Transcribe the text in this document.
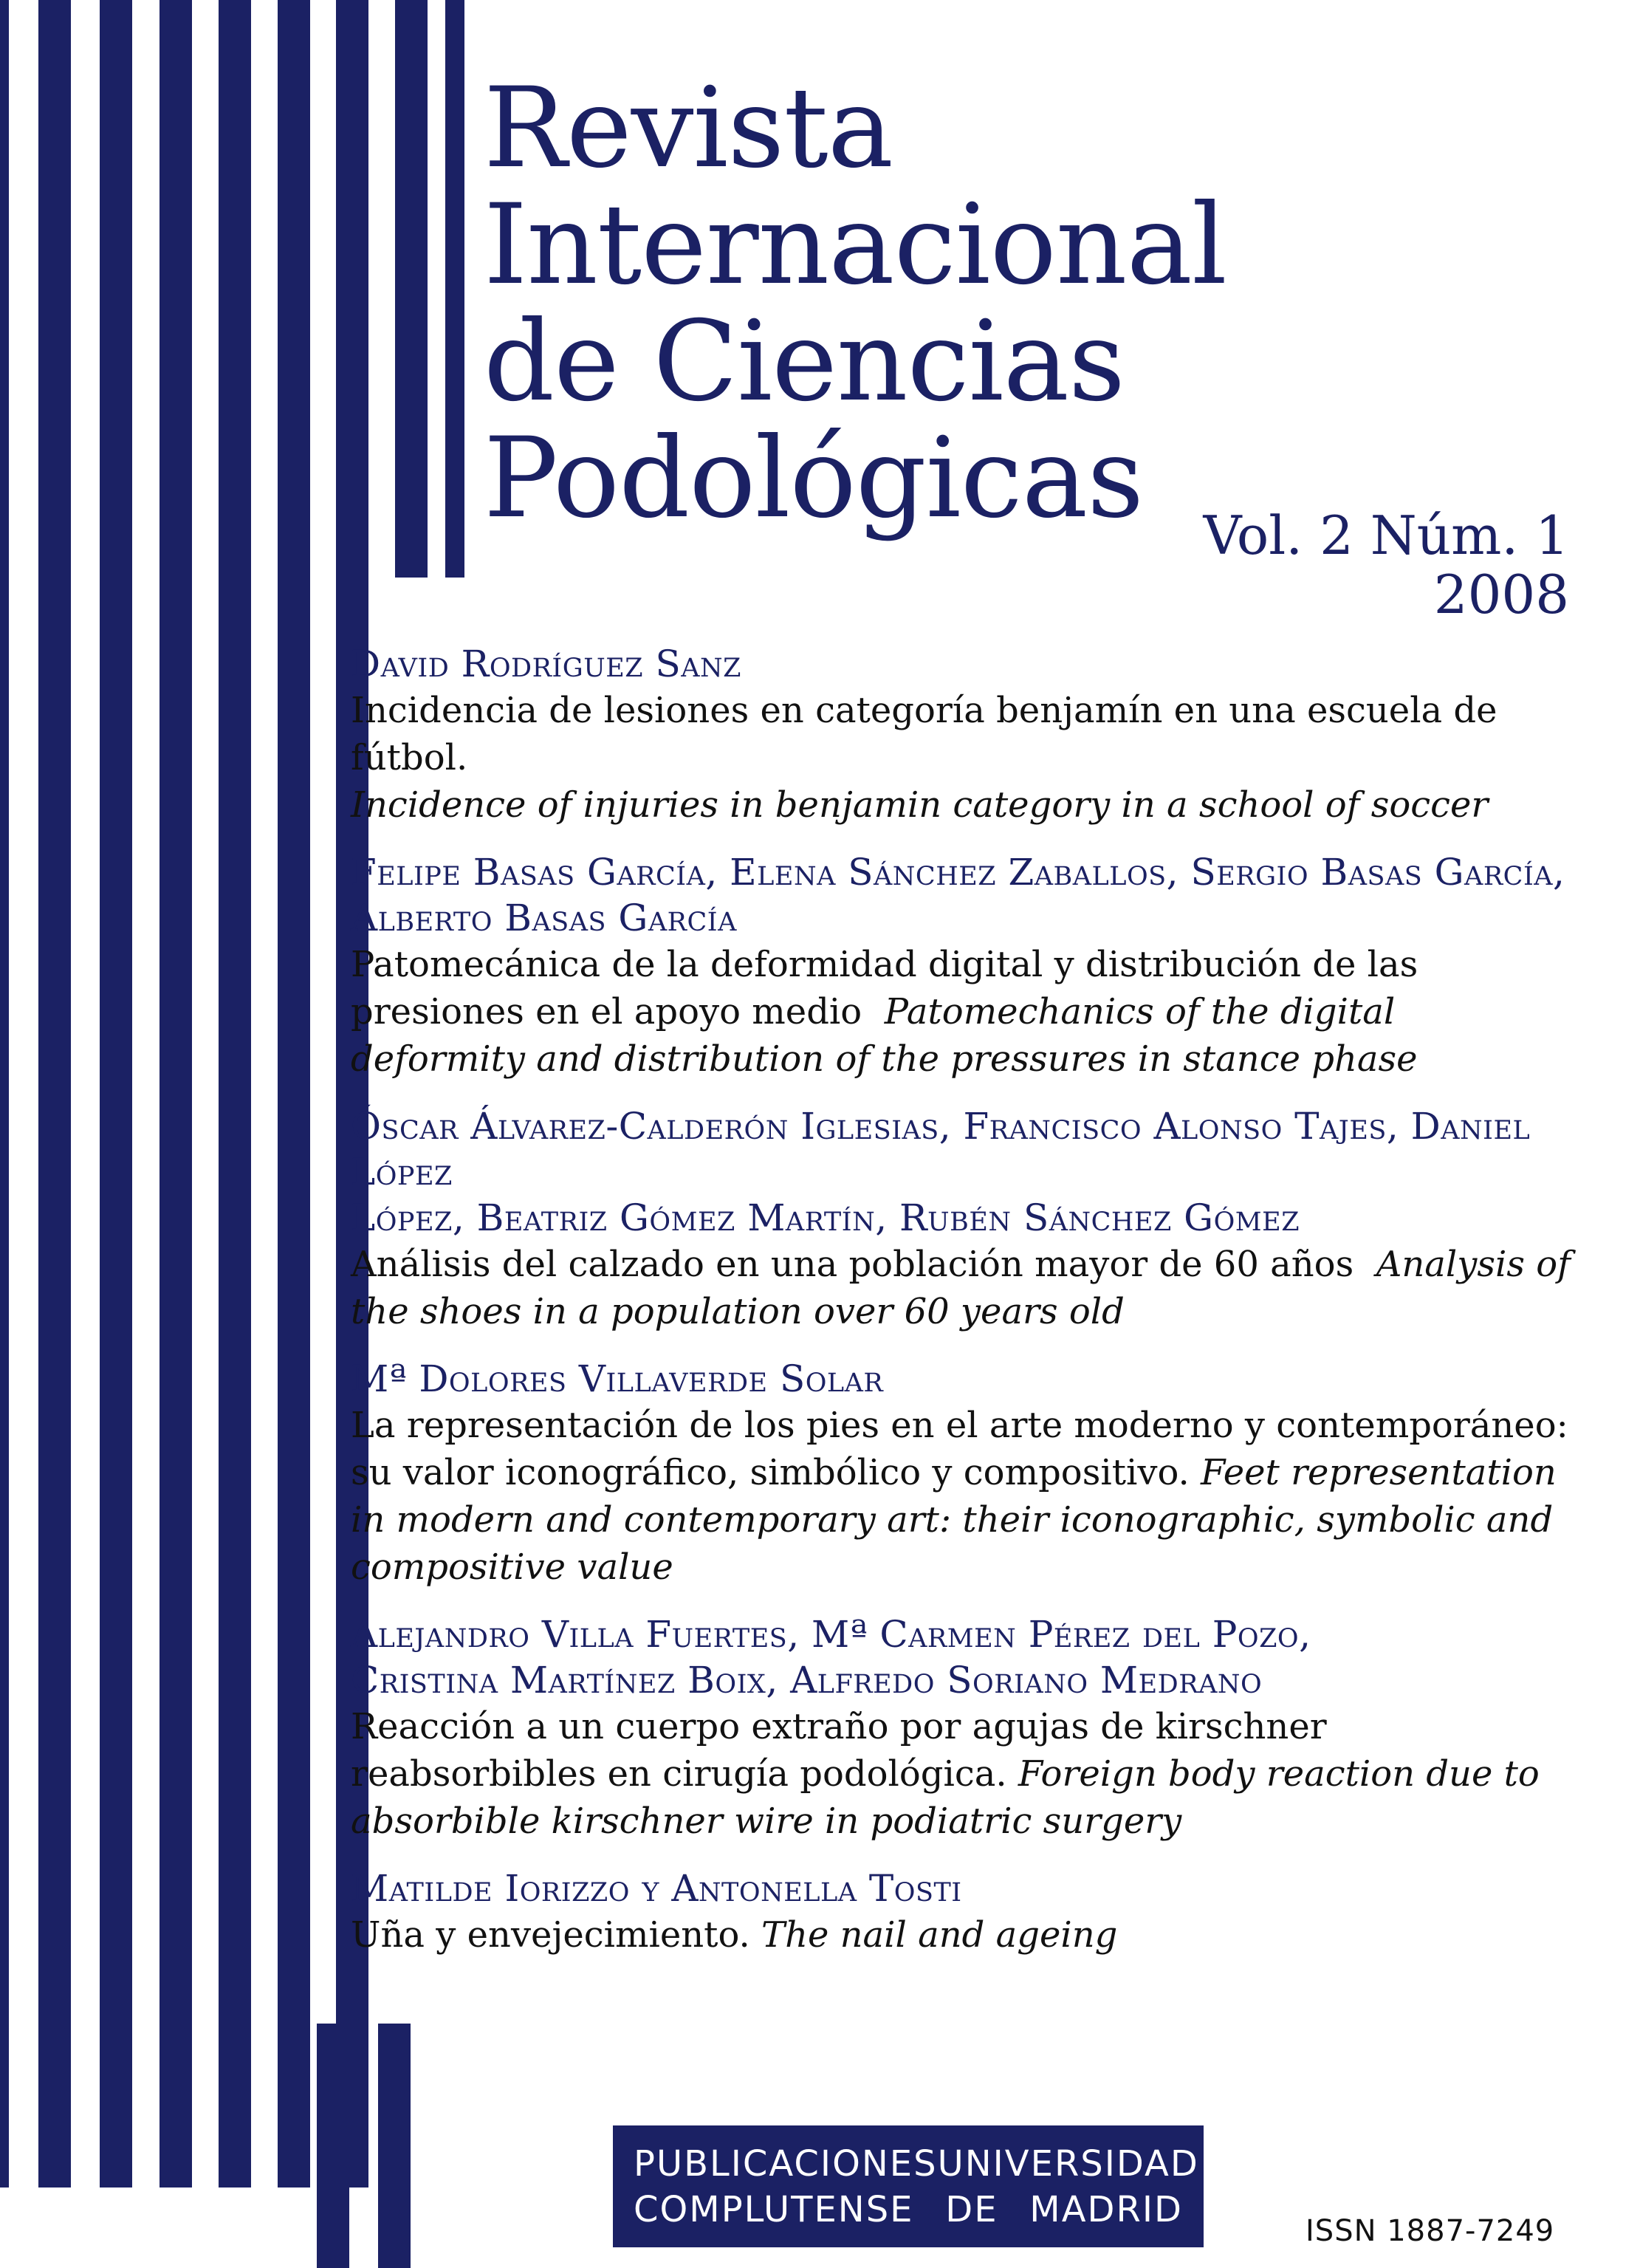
Revista Internacional
de Ciencias
Podológicas	Vol. 2 Núm. 1 2008
David Rodríguez Sanz
Incidencia de lesiones en categoría benjamín en una escuela de fútbol.
Incidence of injuries in benjamin category in a school of soccer
Felipe Basas García, Elena Sánchez Zaballos, Sergio Basas García,
Alberto Basas García
Patomecánica de la deformidad digital y distribución de las presiones en el apoyo medio Patomechanics of the digital deformity and distribution of the pressures in stance phase
Óscar Álvarez-Calderón Iglesias, Francisco Alonso Tajes, Daniel López
López, Beatriz Gómez Martín, Rubén Sánchez Gómez
Análisis del calzado en una población mayor de 60 años Analysis of the shoes in a population over 60 years old
Mª Dolores Villaverde Solar
La representación de los pies en el arte moderno y contemporáneo: su valor iconográfico, simbólico y compositivo. Feet representation in modern and contemporary art: their iconographic, symbolic and compositive value
Alejandro Villa Fuertes, Mª Carmen Pérez del Pozo,
Cristina Martínez Boix, Alfredo Soriano Medrano
Reacción a un cuerpo extraño por agujas de kirschner reabsorbibles en cirugía podológica. Foreign body reaction due to absorbible kirschner wire in podiatric surgery
Matilde Iorizzo y Antonella Tosti
Uña y envejecimiento. The nail and ageing
PUBLICACIONES UNIVERSIDAD
COMPLUTENSE DE MADRID
ISSN 1887-7249
